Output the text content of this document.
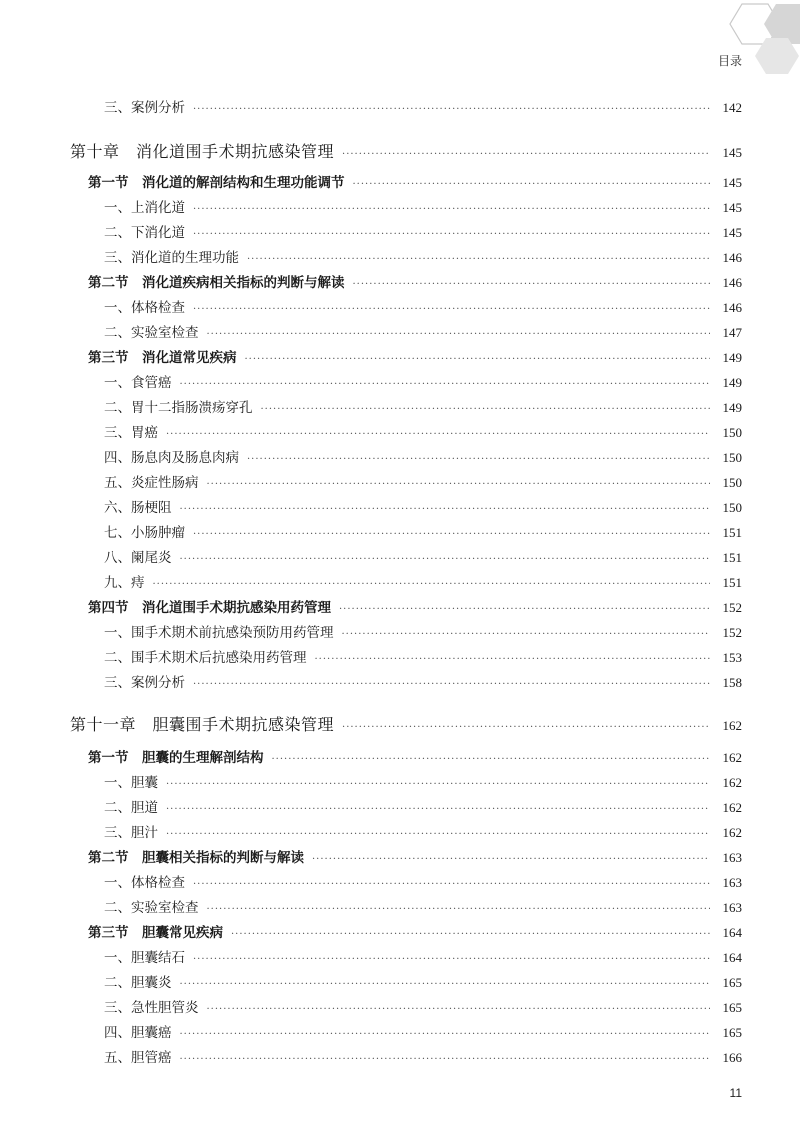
目录
三、案例分析 ·····	142
第十章　消化道围手术期抗感染管理 ·····	145
第一节　消化道的解剖结构和生理功能调节 ·····	145
一、上消化道 ·····	145
二、下消化道 ·····	145
三、消化道的生理功能 ·····	146
第二节　消化道疾病相关指标的判断与解读 ·····	146
一、体格检查 ·····	146
二、实验室检查 ·····	147
第三节　消化道常见疾病 ·····	149
一、食管癌 ·····	149
二、胃十二指肠溃疡穿孔 ·····	149
三、胃癌 ·····	150
四、肠息肉及肠息肉病 ·····	150
五、炎症性肠病 ·····	150
六、肠梗阻 ·····	150
七、小肠肿瘤 ·····	151
八、阑尾炎 ·····	151
九、痔 ·····	151
第四节　消化道围手术期抗感染用药管理 ·····	152
一、围手术期术前抗感染预防用药管理 ·····	152
二、围手术期术后抗感染用药管理 ·····	153
三、案例分析 ·····	158
第十一章　胆囊围手术期抗感染管理 ·····	162
第一节　胆囊的生理解剖结构 ·····	162
一、胆囊 ·····	162
二、胆道 ·····	162
三、胆汁 ·····	162
第二节　胆囊相关指标的判断与解读 ·····	163
一、体格检查 ·····	163
二、实验室检查 ·····	163
第三节　胆囊常见疾病 ·····	164
一、胆囊结石 ·····	164
二、胆囊炎 ·····	165
三、急性胆管炎 ·····	165
四、胆囊癌 ·····	165
五、胆管癌 ·····	166
11
